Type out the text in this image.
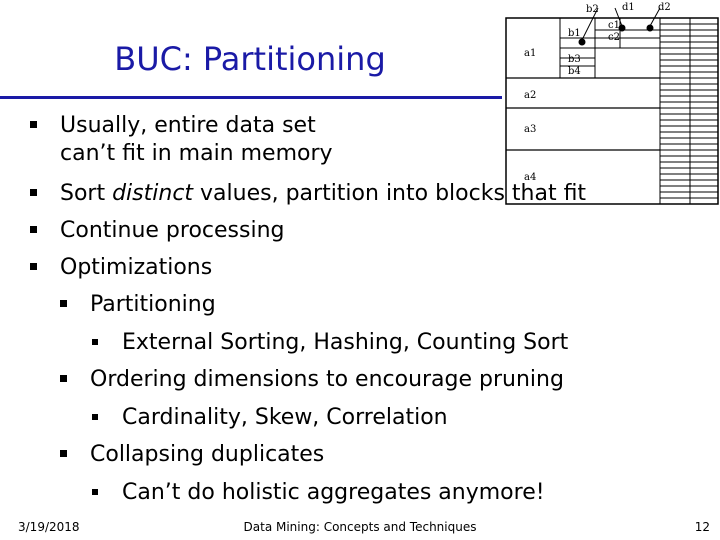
BUC: Partitioning	a1
a2
a3
a4
b1
b2
b3
b4
c1
c2
d1 d2
Usually, entire data set
can’t fit in main memory
Sort distinct values, partition into blocks that fit
Continue processing
Optimizations
Partitioning
External Sorting, Hashing, Counting Sort
Ordering dimensions to encourage pruning
Cardinality, Skew, Correlation
Collapsing duplicates
Can’t do holistic aggregates anymore!
3/19/2018	Data Mining: Concepts and Techniques	12
